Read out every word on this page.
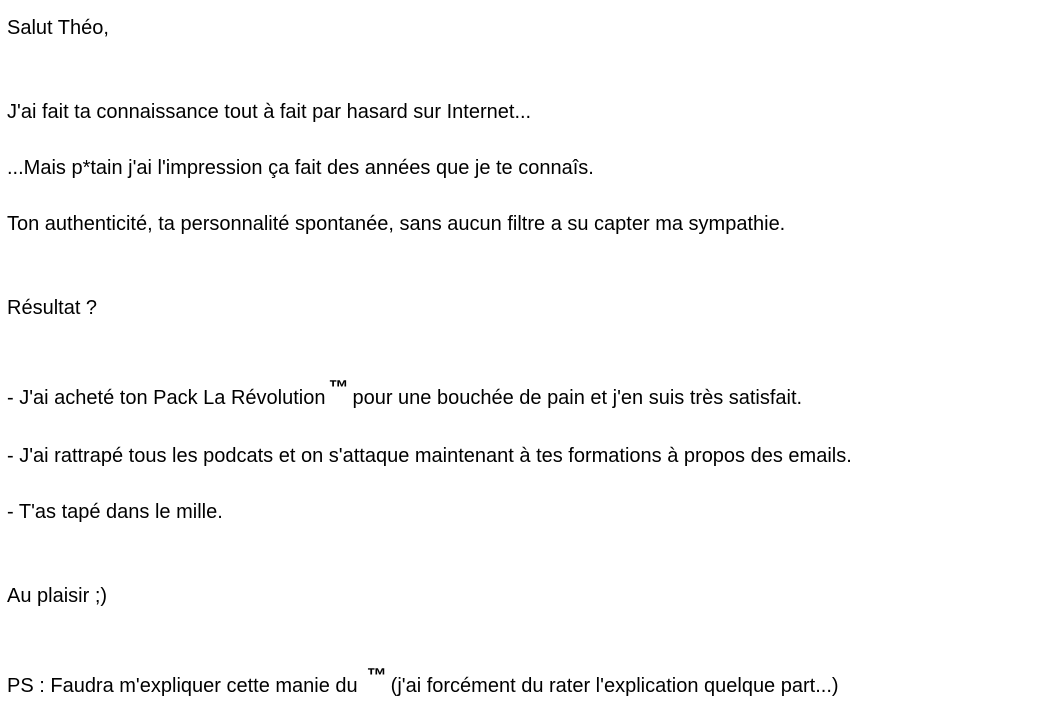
Salut Théo,
J'ai fait ta connaissance tout à fait par hasard sur Internet...
...Mais p*tain j'ai l'impression ça fait des années que je te connaîs.
Ton authenticité, ta personnalité spontanée, sans aucun filtre a su capter ma sympathie.
Résultat ?
- J'ai acheté ton Pack La Révolution ™ pour une bouchée de pain et j'en suis très satisfait.
- J'ai rattrapé tous les podcats et on s'attaque maintenant à tes formations à propos des emails.
- T'as tapé dans le mille.
Au plaisir ;)
PS : Faudra m'expliquer cette manie du ™ (j'ai forcément du rater l'explication quelque part...)
